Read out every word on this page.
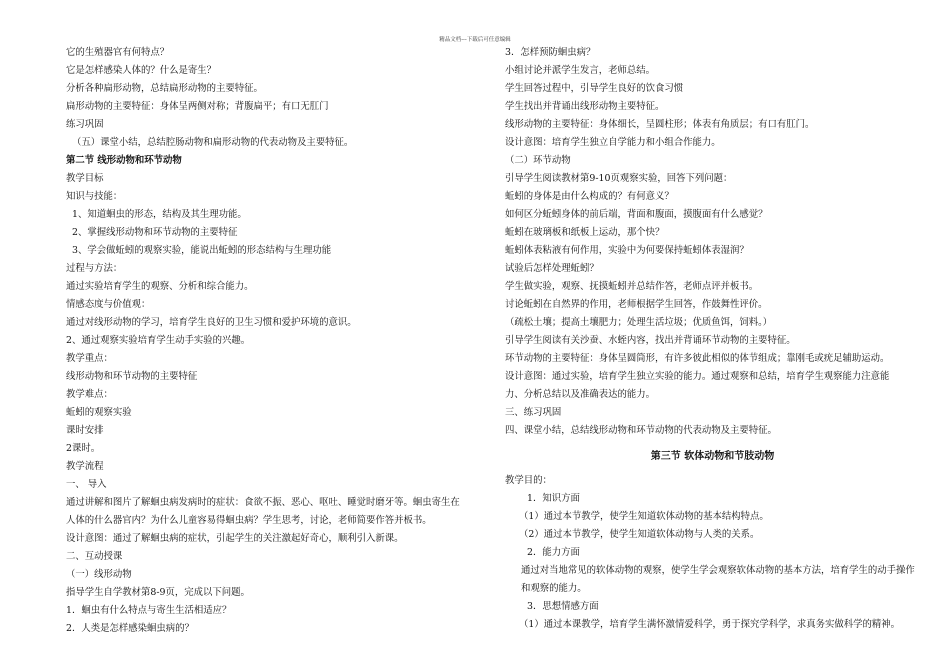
精品文档---下载后可任意编辑
它的生殖器官有何特点？
它是怎样感染人体的？什么是寄生？
分析各种扁形动物，总结扁形动物的主要特征。
扁形动物的主要特征：身体呈两侧对称；背腹扁平；有口无肛门
练习巩固
（五）课堂小结，总结腔肠动物和扁形动物的代表动物及主要特征。
第二节 线形动物和环节动物
教学目标
知识与技能：
1、知道蛔虫的形态，结构及其生理功能。
2、掌握线形动物和环节动物的主要特征
3、学会做蚯蚓的观察实验，能说出蚯蚓的形态结构与生理功能
过程与方法：
通过实验培育学生的观察、分析和综合能力。
情感态度与价值观：
通过对线形动物的学习，培育学生良好的卫生习惯和爱护环境的意识。
2、通过观察实验培育学生动手实验的兴趣。
教学重点：
线形动物和环节动物的主要特征
教学难点：
蚯蚓的观察实验
课时安排
2课时。
教学流程
一、 导入
通过讲解和图片了解蛔虫病发病时的症状：食欲不振、恶心、呕吐、睡觉时磨牙等。蛔虫寄生在
人体的什么器官内？为什么儿童容易得蛔虫病？学生思考，讨论，老师简要作答并板书。
设计意图：通过了解蛔虫病的症状，引起学生的关注激起好奇心，顺利引入新课。
二、互动授课
（一）线形动物
指导学生自学教材第8-9页，完成以下问题。
1．蛔虫有什么特点与寄生生活相适应？
2．人类是怎样感染蛔虫病的？
3．怎样预防蛔虫病？
小组讨论并派学生发言，老师总结。
学生回答过程中，引导学生良好的饮食习惯
学生找出并背诵出线形动物主要特征。
线形动物的主要特征：身体细长，呈圆柱形；体表有角质层；有口有肛门。
设计意图：培育学生独立自学能力和小组合作能力。
（二）环节动物
引导学生阅读教材第9-10页观察实验，回答下列问题：
蚯蚓的身体是由什么构成的？有何意义？
如何区分蚯蚓身体的前后端，背面和腹面，摸腹面有什么感觉？
蚯蚓在玻璃板和纸板上运动，那个快？
蚯蚓体表粘液有何作用，实验中为何要保持蚯蚓体表湿润？
试验后怎样处理蚯蚓？
学生做实验，观察、抚摸蚯蚓并总结作答，老师点评并板书。
讨论蚯蚓在自然界的作用，老师根据学生回答，作鼓舞性评价。
（疏松土壤；提高土壤肥力；处理生活垃圾；优质鱼饵，饲料。）
引导学生阅读有关沙蚕、水蛭内容，找出并背诵环节动物的主要特征。
环节动物的主要特征：身体呈圆筒形，有许多彼此相似的体节组成；靠刚毛或疣足辅助运动。
设计意图：通过实验，培育学生独立实验的能力。通过观察和总结，培育学生观察能力注意能
力、分析总结以及准确表达的能力。
三、练习巩固
四、课堂小结，总结线形动物和环节动物的代表动物及主要特征。
第三节 软体动物和节肢动物
教学目的：
1．知识方面
（1）通过本节教学，使学生知道软体动物的基本结构特点。
（2）通过本节教学，使学生知道软体动物与人类的关系。
2．能力方面
通过对当地常见的软体动物的观察，使学生学会观察软体动物的基本方法，培育学生的动手操作和观察的能力。
3．思想情感方面
（1）通过本课教学，培育学生满怀激情爱科学，勇于探究学科学，求真务实做科学的精神。
